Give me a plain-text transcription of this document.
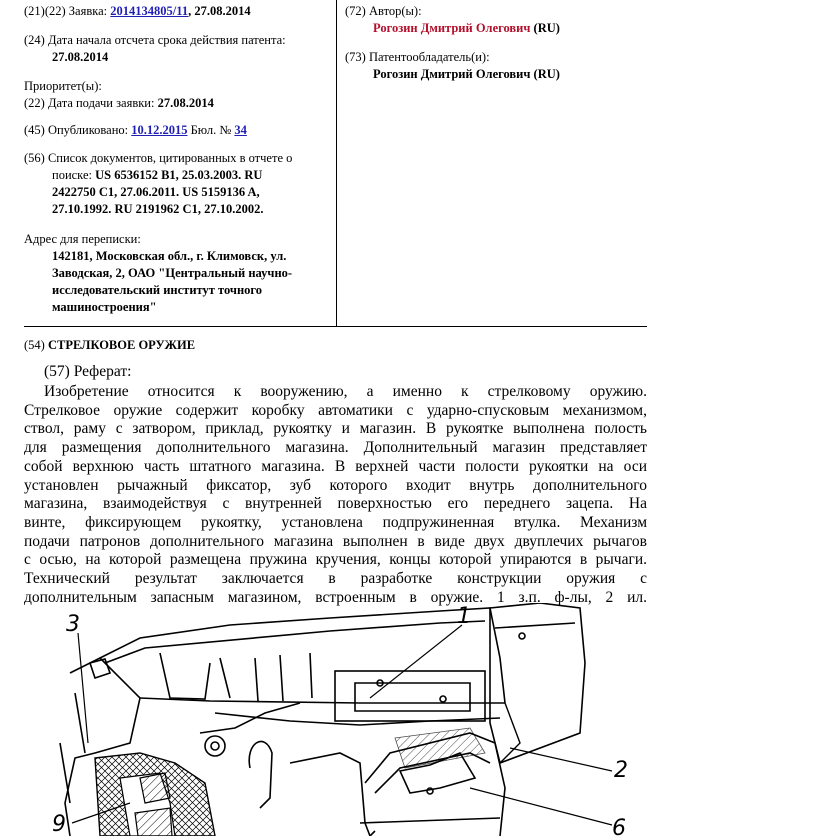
(21)(22) Заявка: 2014134805/11, 27.08.2014
(24) Дата начала отсчета срока действия патента:
27.08.2014
Приоритет(ы):
(22) Дата подачи заявки: 27.08.2014
(45) Опубликовано: 10.12.2015 Бюл. № 34
(56) Список документов, цитированных в отчете о
поиске: US 6536152 B1, 25.03.2003. RU
2422750 C1, 27.06.2011. US 5159136 A,
27.10.1992. RU 2191962 C1, 27.10.2002.
Адрес для переписки:
142181, Московская обл., г. Климовск, ул.
Заводская, 2, ОАО "Центральный научно-
исследовательский институт точного
машиностроения"
(72) Автор(ы):
Рогозин Дмитрий Олегович (RU)
(73) Патентообладатель(и):
Рогозин Дмитрий Олегович (RU)
(54) СТРЕЛКОВОЕ ОРУЖИЕ
(57) Реферат:
Изобретение относится к вооружению, а именно к стрелковому оружию.
Стрелковое оружие содержит коробку автоматики с ударно-спусковым механизмом,
ствол, раму с затвором, приклад, рукоятку и магазин. В рукоятке выполнена полость
для размещения дополнительного магазина. Дополнительный магазин представляет
собой верхнюю часть штатного магазина. В верхней части полости рукоятки на оси
установлен рычажный фиксатор, зуб которого входит внутрь дополнительного
магазина, взаимодействуя с внутренней поверхностью его переднего зацепа. На
винте, фиксирующем рукоятку, установлена подпружиненная втулка. Механизм
подачи патронов дополнительного магазина выполнен в виде двух двуплечих рычагов
с осью, на которой размещена пружина кручения, концы которой упираются в рычаги.
Технический результат заключается в разработке конструкции оружия с
дополнительным запасным магазином, встроенным в оружие. 1 з.п. ф-лы, 2 ил.
3	1
2
9	6
